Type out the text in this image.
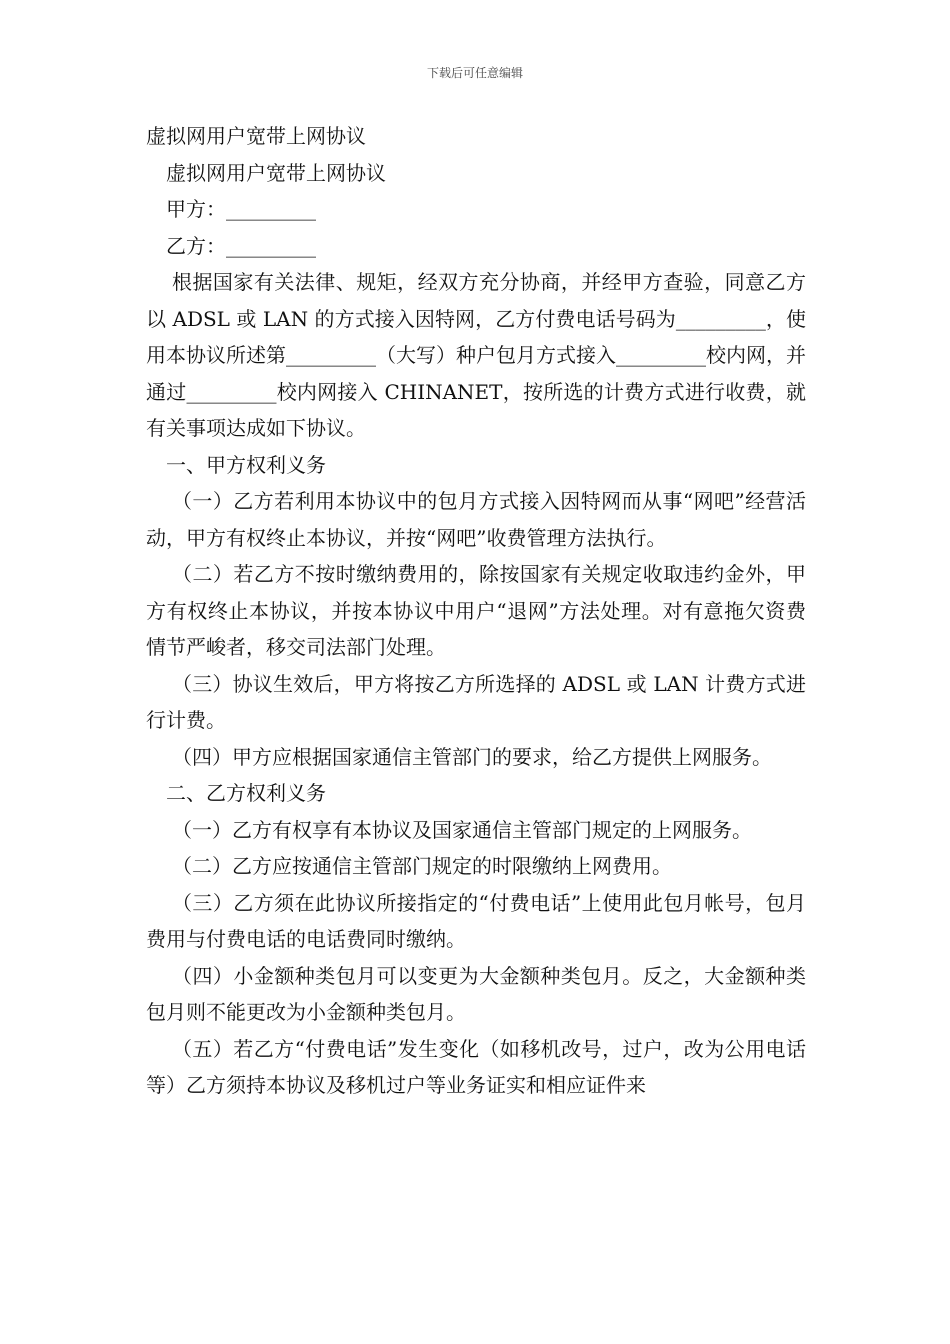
下载后可任意编辑

虚拟网用户宽带上网协议

虚拟网用户宽带上网协议

甲方：_________

乙方：_________

根据国家有关法律、规矩，经双方充分协商，并经甲方查验，同意乙方以 ADSL 或 LAN 的方式接入因特网，乙方付费电话号码为_________，使用本协议所述第_________（大写）种户包月方式接入_________校内网，并通过_________校内网接入 CHINANET，按所选的计费方式进行收费，就有关事项达成如下协议。

一、甲方权利义务

（一）乙方若利用本协议中的包月方式接入因特网而从事“网吧”经营活动，甲方有权终止本协议，并按“网吧”收费管理方法执行。

（二）若乙方不按时缴纳费用的，除按国家有关规定收取违约金外，甲方有权终止本协议，并按本协议中用户“退网”方法处理。对有意拖欠资费情节严峻者，移交司法部门处理。

（三）协议生效后，甲方将按乙方所选择的 ADSL 或 LAN 计费方式进行计费。

（四）甲方应根据国家通信主管部门的要求，给乙方提供上网服务。

二、乙方权利义务

（一）乙方有权享有本协议及国家通信主管部门规定的上网服务。

（二）乙方应按通信主管部门规定的时限缴纳上网费用。

（三）乙方须在此协议所接指定的“付费电话”上使用此包月帐号，包月费用与付费电话的电话费同时缴纳。

（四）小金额种类包月可以变更为大金额种类包月。反之，大金额种类包月则不能更改为小金额种类包月。

（五）若乙方“付费电话”发生变化（如移机改号，过户，改为公用电话等）乙方须持本协议及移机过户等业务证实和相应证件来
